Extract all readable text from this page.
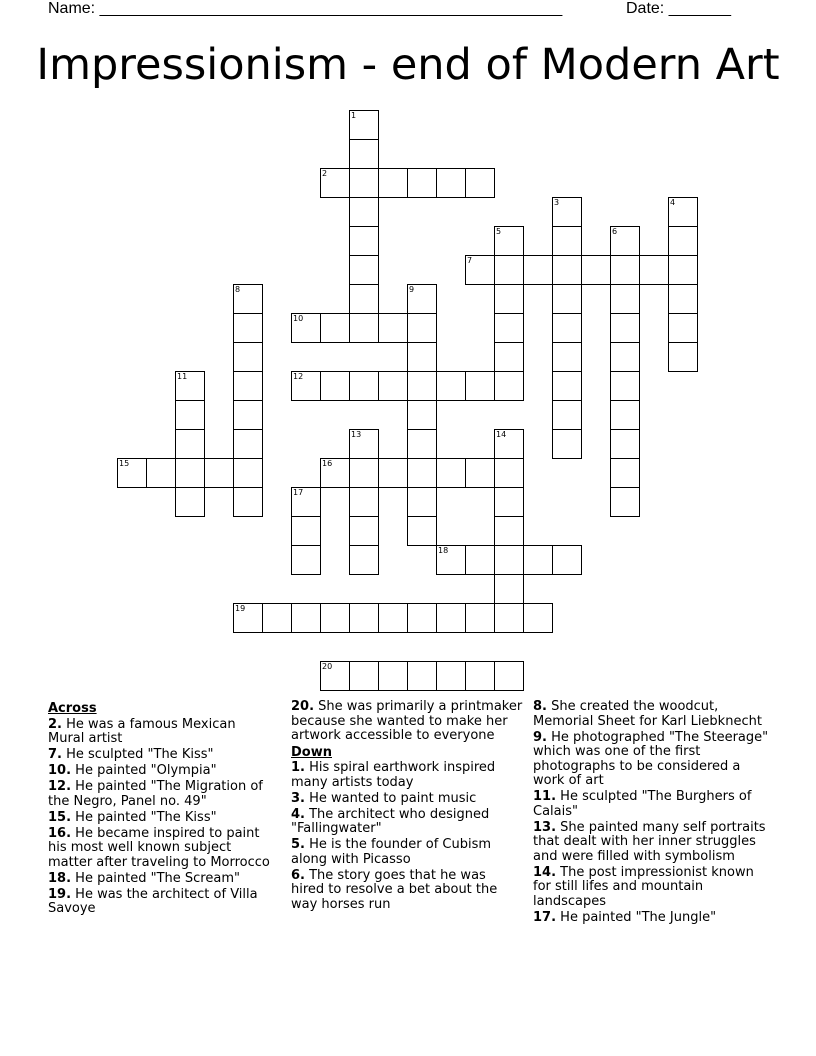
Name: ____________________________________________________	Date: _______
Impressionism - end of Modern Art
1
2
3	4
5	6
7
8	9
10
11	12
13	14
15	16
17
18
19
20
Across
2. He was a famous Mexican Mural artist
7. He sculpted "The Kiss"
10. He painted "Olympia"
12. He painted "The Migration of the Negro, Panel no. 49"
15. He painted "The Kiss"
16. He became inspired to paint his most well known subject matter after traveling to Morrocco
18. He painted "The Scream"
19. He was the architect of Villa Savoye
20. She was primarily a printmaker because she wanted to make her artwork accessible to everyone
Down
1. His spiral earthwork inspired many artists today
3. He wanted to paint music
4. The architect who designed "Fallingwater"
5. He is the founder of Cubism along with Picasso
6. The story goes that he was hired to resolve a bet about the way horses run
8. She created the woodcut, Memorial Sheet for Karl Liebknecht
9. He photographed "The Steerage" which was one of the first photographs to be considered a work of art
11. He sculpted "The Burghers of Calais"
13. She painted many self portraits that dealt with her inner struggles and were filled with symbolism
14. The post impressionist known for still lifes and mountain landscapes
17. He painted "The Jungle"
